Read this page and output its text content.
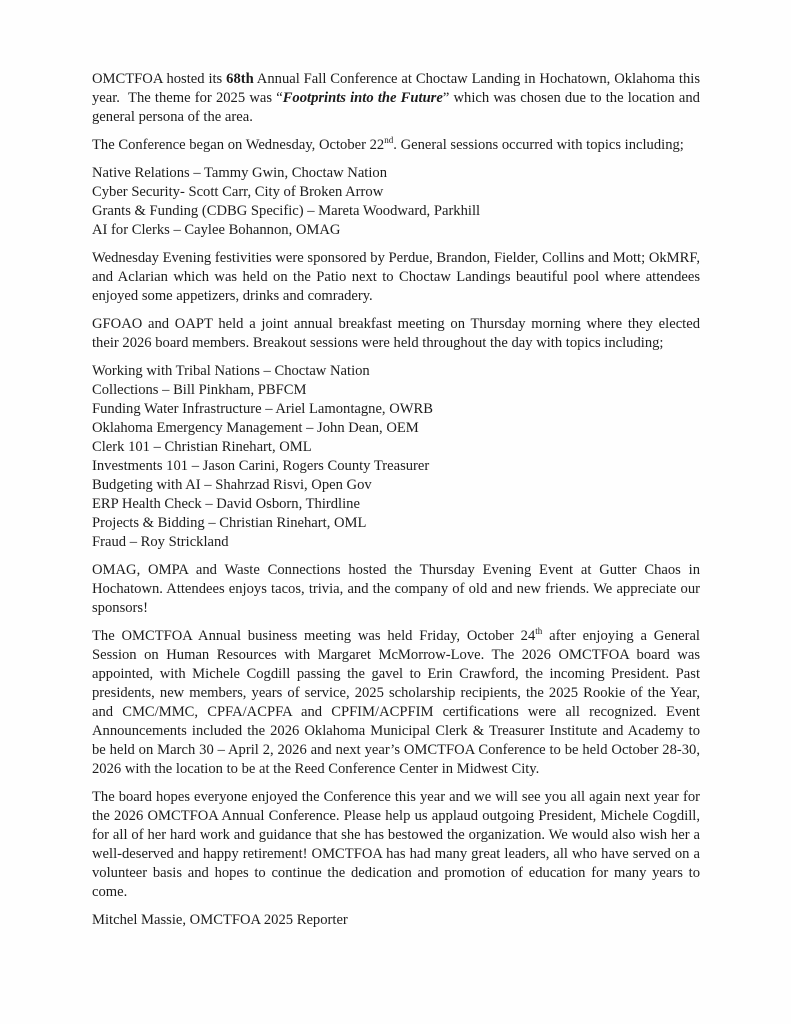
OMCTFOA hosted its 68th Annual Fall Conference at Choctaw Landing in Hochatown, Oklahoma this year.  The theme for 2025 was “Footprints into the Future” which was chosen due to the location and general persona of the area.
The Conference began on Wednesday, October 22nd. General sessions occurred with topics including;
Native Relations – Tammy Gwin, Choctaw Nation
Cyber Security- Scott Carr, City of Broken Arrow
Grants & Funding (CDBG Specific) – Mareta Woodward, Parkhill
AI for Clerks – Caylee Bohannon, OMAG
Wednesday Evening festivities were sponsored by Perdue, Brandon, Fielder, Collins and Mott; OkMRF, and Aclarian which was held on the Patio next to Choctaw Landings beautiful pool where attendees enjoyed some appetizers, drinks and comradery.
GFOAO and OAPT held a joint annual breakfast meeting on Thursday morning where they elected their 2026 board members. Breakout sessions were held throughout the day with topics including;
Working with Tribal Nations – Choctaw Nation
Collections – Bill Pinkham, PBFCM
Funding Water Infrastructure – Ariel Lamontagne, OWRB
Oklahoma Emergency Management – John Dean, OEM
Clerk 101 – Christian Rinehart, OML
Investments 101 – Jason Carini, Rogers County Treasurer
Budgeting with AI – Shahrzad Risvi, Open Gov
ERP Health Check – David Osborn, Thirdline
Projects & Bidding – Christian Rinehart, OML
Fraud – Roy Strickland
OMAG, OMPA and Waste Connections hosted the Thursday Evening Event at Gutter Chaos in Hochatown. Attendees enjoys tacos, trivia, and the company of old and new friends. We appreciate our sponsors!
The OMCTFOA Annual business meeting was held Friday, October 24th after enjoying a General Session on Human Resources with Margaret McMorrow-Love. The 2026 OMCTFOA board was appointed, with Michele Cogdill passing the gavel to Erin Crawford, the incoming President. Past presidents, new members, years of service, 2025 scholarship recipients, the 2025 Rookie of the Year, and CMC/MMC, CPFA/ACPFA and CPFIM/ACPFIM certifications were all recognized. Event Announcements included the 2026 Oklahoma Municipal Clerk & Treasurer Institute and Academy to be held on March 30 – April 2, 2026 and next year’s OMCTFOA Conference to be held October 28-30, 2026 with the location to be at the Reed Conference Center in Midwest City.
The board hopes everyone enjoyed the Conference this year and we will see you all again next year for the 2026 OMCTFOA Annual Conference. Please help us applaud outgoing President, Michele Cogdill, for all of her hard work and guidance that she has bestowed the organization. We would also wish her a well-deserved and happy retirement! OMCTFOA has had many great leaders, all who have served on a volunteer basis and hopes to continue the dedication and promotion of education for many years to come.
Mitchel Massie, OMCTFOA 2025 Reporter
